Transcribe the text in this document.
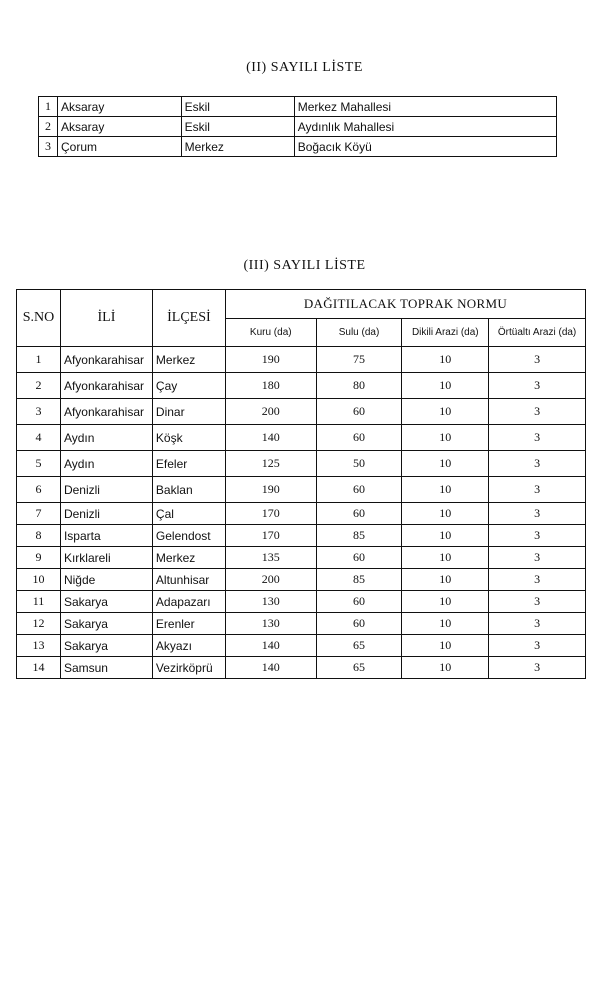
(II) SAYILI LİSTE
1	Aksaray	Eskil	Merkez Mahallesi
2	Aksaray	Eskil	Aydınlık Mahallesi
3	Çorum	Merkez	Boğacık Köyü
(III) SAYILI LİSTE
S.NO	İLİ	İLÇESİ	DAĞITILACAK TOPRAK NORMU			
			Kuru (da)	Sulu (da)	Dikili Arazi (da)	Örtüaltı Arazi (da)
1	Afyonkarahisar	Merkez	190	75	10	3
2	Afyonkarahisar	Çay	180	80	10	3
3	Afyonkarahisar	Dinar	200	60	10	3
4	Aydın	Köşk	140	60	10	3
5	Aydın	Efeler	125	50	10	3
6	Denizli	Baklan	190	60	10	3
7	Denizli	Çal	170	60	10	3
8	Isparta	Gelendost	170	85	10	3
9	Kırklareli	Merkez	135	60	10	3
10	Niğde	Altunhisar	200	85	10	3
11	Sakarya	Adapazarı	130	60	10	3
12	Sakarya	Erenler	130	60	10	3
13	Sakarya	Akyazı	140	65	10	3
14	Samsun	Vezirköprü	140	65	10	3
